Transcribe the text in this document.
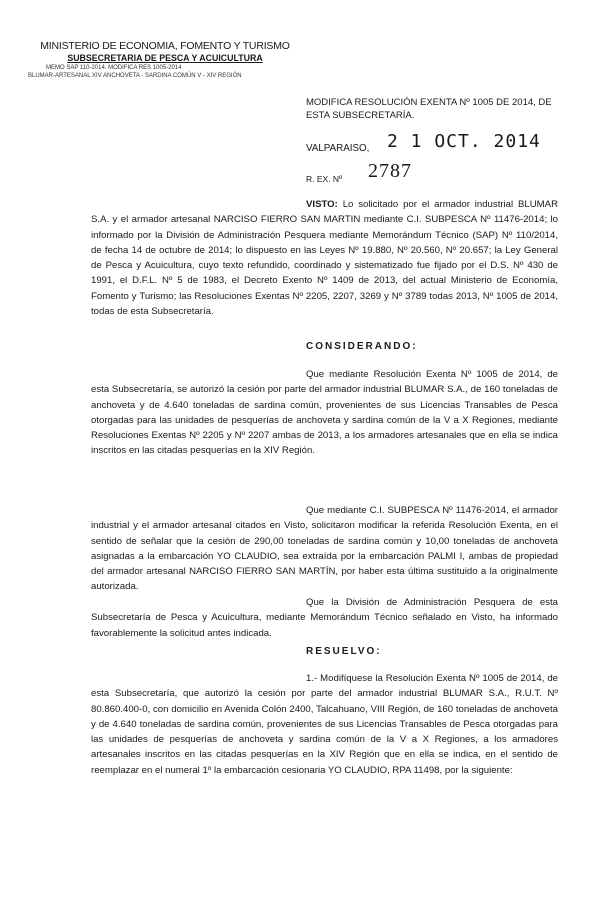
MINISTERIO DE ECONOMIA, FOMENTO Y TURISMO
SUBSECRETARIA DE PESCA Y ACUICULTURA
MEMO SAP 110-2014. MODIFICA RES 1005-2014
BLUMAR-ARTESANAL XIV ANCHOVETA - SARDINA COMÚN V - XIV REGIÓN
MODIFICA RESOLUCIÓN EXENTA Nº 1005 DE 2014, DE ESTA SUBSECRETARÍA.
VALPARAISO, 2 1 OCT. 2014
R. EX. Nº 2787
VISTO: Lo solicitado por el armador industrial BLUMAR S.A. y el armador artesanal NARCISO FIERRO SAN MARTIN mediante C.I. SUBPESCA Nº 11476-2014; lo informado por la División de Administración Pesquera mediante Memorándum Técnico (SAP) Nº 110/2014, de fecha 14 de octubre de 2014; lo dispuesto en las Leyes Nº 19.880, Nº 20.560, Nº 20.657; la Ley General de Pesca y Acuicultura, cuyo texto refundido, coordinado y sistematizado fue fijado por el D.S. Nº 430 de 1991, el D.F.L. Nº 5 de 1983, el Decreto Exento Nº 1409 de 2013, del actual Ministerio de Economía, Fomento y Turismo; las Resoluciones Exentas Nº 2205, 2207, 3269 y Nº 3789 todas 2013, Nº 1005 de 2014, todas de esta Subsecretaría.
CONSIDERANDO:
Que mediante Resolución Exenta Nº 1005 de 2014, de esta Subsecretaría, se autorizó la cesión por parte del armador industrial BLUMAR S.A., de 160 toneladas de anchoveta y de 4.640 toneladas de sardina común, provenientes de sus Licencias Transables de Pesca otorgadas para las unidades de pesquerías de anchoveta y sardina común de la V a X Regiones, mediante Resoluciones Exentas Nº 2205 y Nº 2207 ambas de 2013, a los armadores artesanales que en ella se indica inscritos en las citadas pesquerías en la XIV Región.
Que mediante C.I. SUBPESCA Nº 11476-2014, el armador industrial y el armador artesanal citados en Visto, solicitaron modificar la referida Resolución Exenta, en el sentido de señalar que la cesión de 290,00 toneladas de sardina común y 10,00 toneladas de anchoveta asignadas a la embarcación YO CLAUDIO, sea extraída por la embarcación PALMI I, ambas de propiedad del armador artesanal NARCISO FIERRO SAN MARTÍN, por haber esta última sustituido a la originalmente autorizada.
Que la División de Administración Pesquera de esta Subsecretaría de Pesca y Acuicultura, mediante Memorándum Técnico señalado en Visto, ha informado favorablemente la solicitud antes indicada.
RESUELVO:
1.- Modifíquese la Resolución Exenta Nº 1005 de 2014, de esta Subsecretaría, que autorizó la cesión por parte del armador industrial BLUMAR S.A., R.U.T. Nº 80.860.400-0, con domicilio en Avenida Colón 2400, Talcahuano, VIII Región, de 160 toneladas de anchoveta y de 4.640 toneladas de sardina común, provenientes de sus Licencias Transables de Pesca otorgadas para las unidades de pesquerías de anchoveta y sardina común de la V a X Regiones, a los armadores artesanales inscritos en las citadas pesquerías en la XIV Región que en ella se indica, en el sentido de reemplazar en el numeral 1º la embarcación cesionaria YO CLAUDIO, RPA 11498, por la siguiente:
